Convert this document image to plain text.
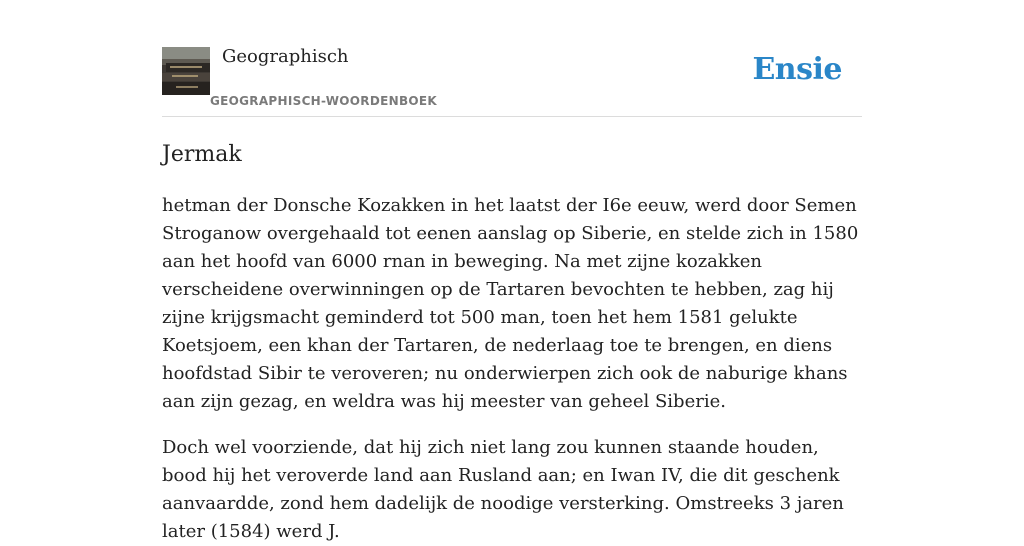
Geographisch
GEOGRAPHISCH-WOORDENBOEK
Ensie
Jermak

hetman der Donsche Kozakken in het laatst der I6e eeuw, werd door Semen Stroganow overgehaald tot eenen aanslag op Siberie, en stelde zich in 1580 aan het hoofd van 6000 rnan in beweging. Na met zijne kozakken verscheidene overwinningen op de Tartaren bevochten te hebben, zag hij zijne krijgsmacht geminderd tot 500 man, toen het hem 1581 gelukte Koetsjoem, een khan der Tartaren, de nederlaag toe te brengen, en diens hoofdstad Sibir te veroveren; nu onderwierpen zich ook de naburige khans aan zijn gezag, en weldra was hij meester van geheel Siberie.

Doch wel voorziende, dat hij zich niet lang zou kunnen staande houden, bood hij het veroverde land aan Rusland aan; en Iwan IV, die dit geschenk aanvaardde, zond hem dadelijk de noodige versterking. Omstreeks 3 jaren later (1584) werd J.
